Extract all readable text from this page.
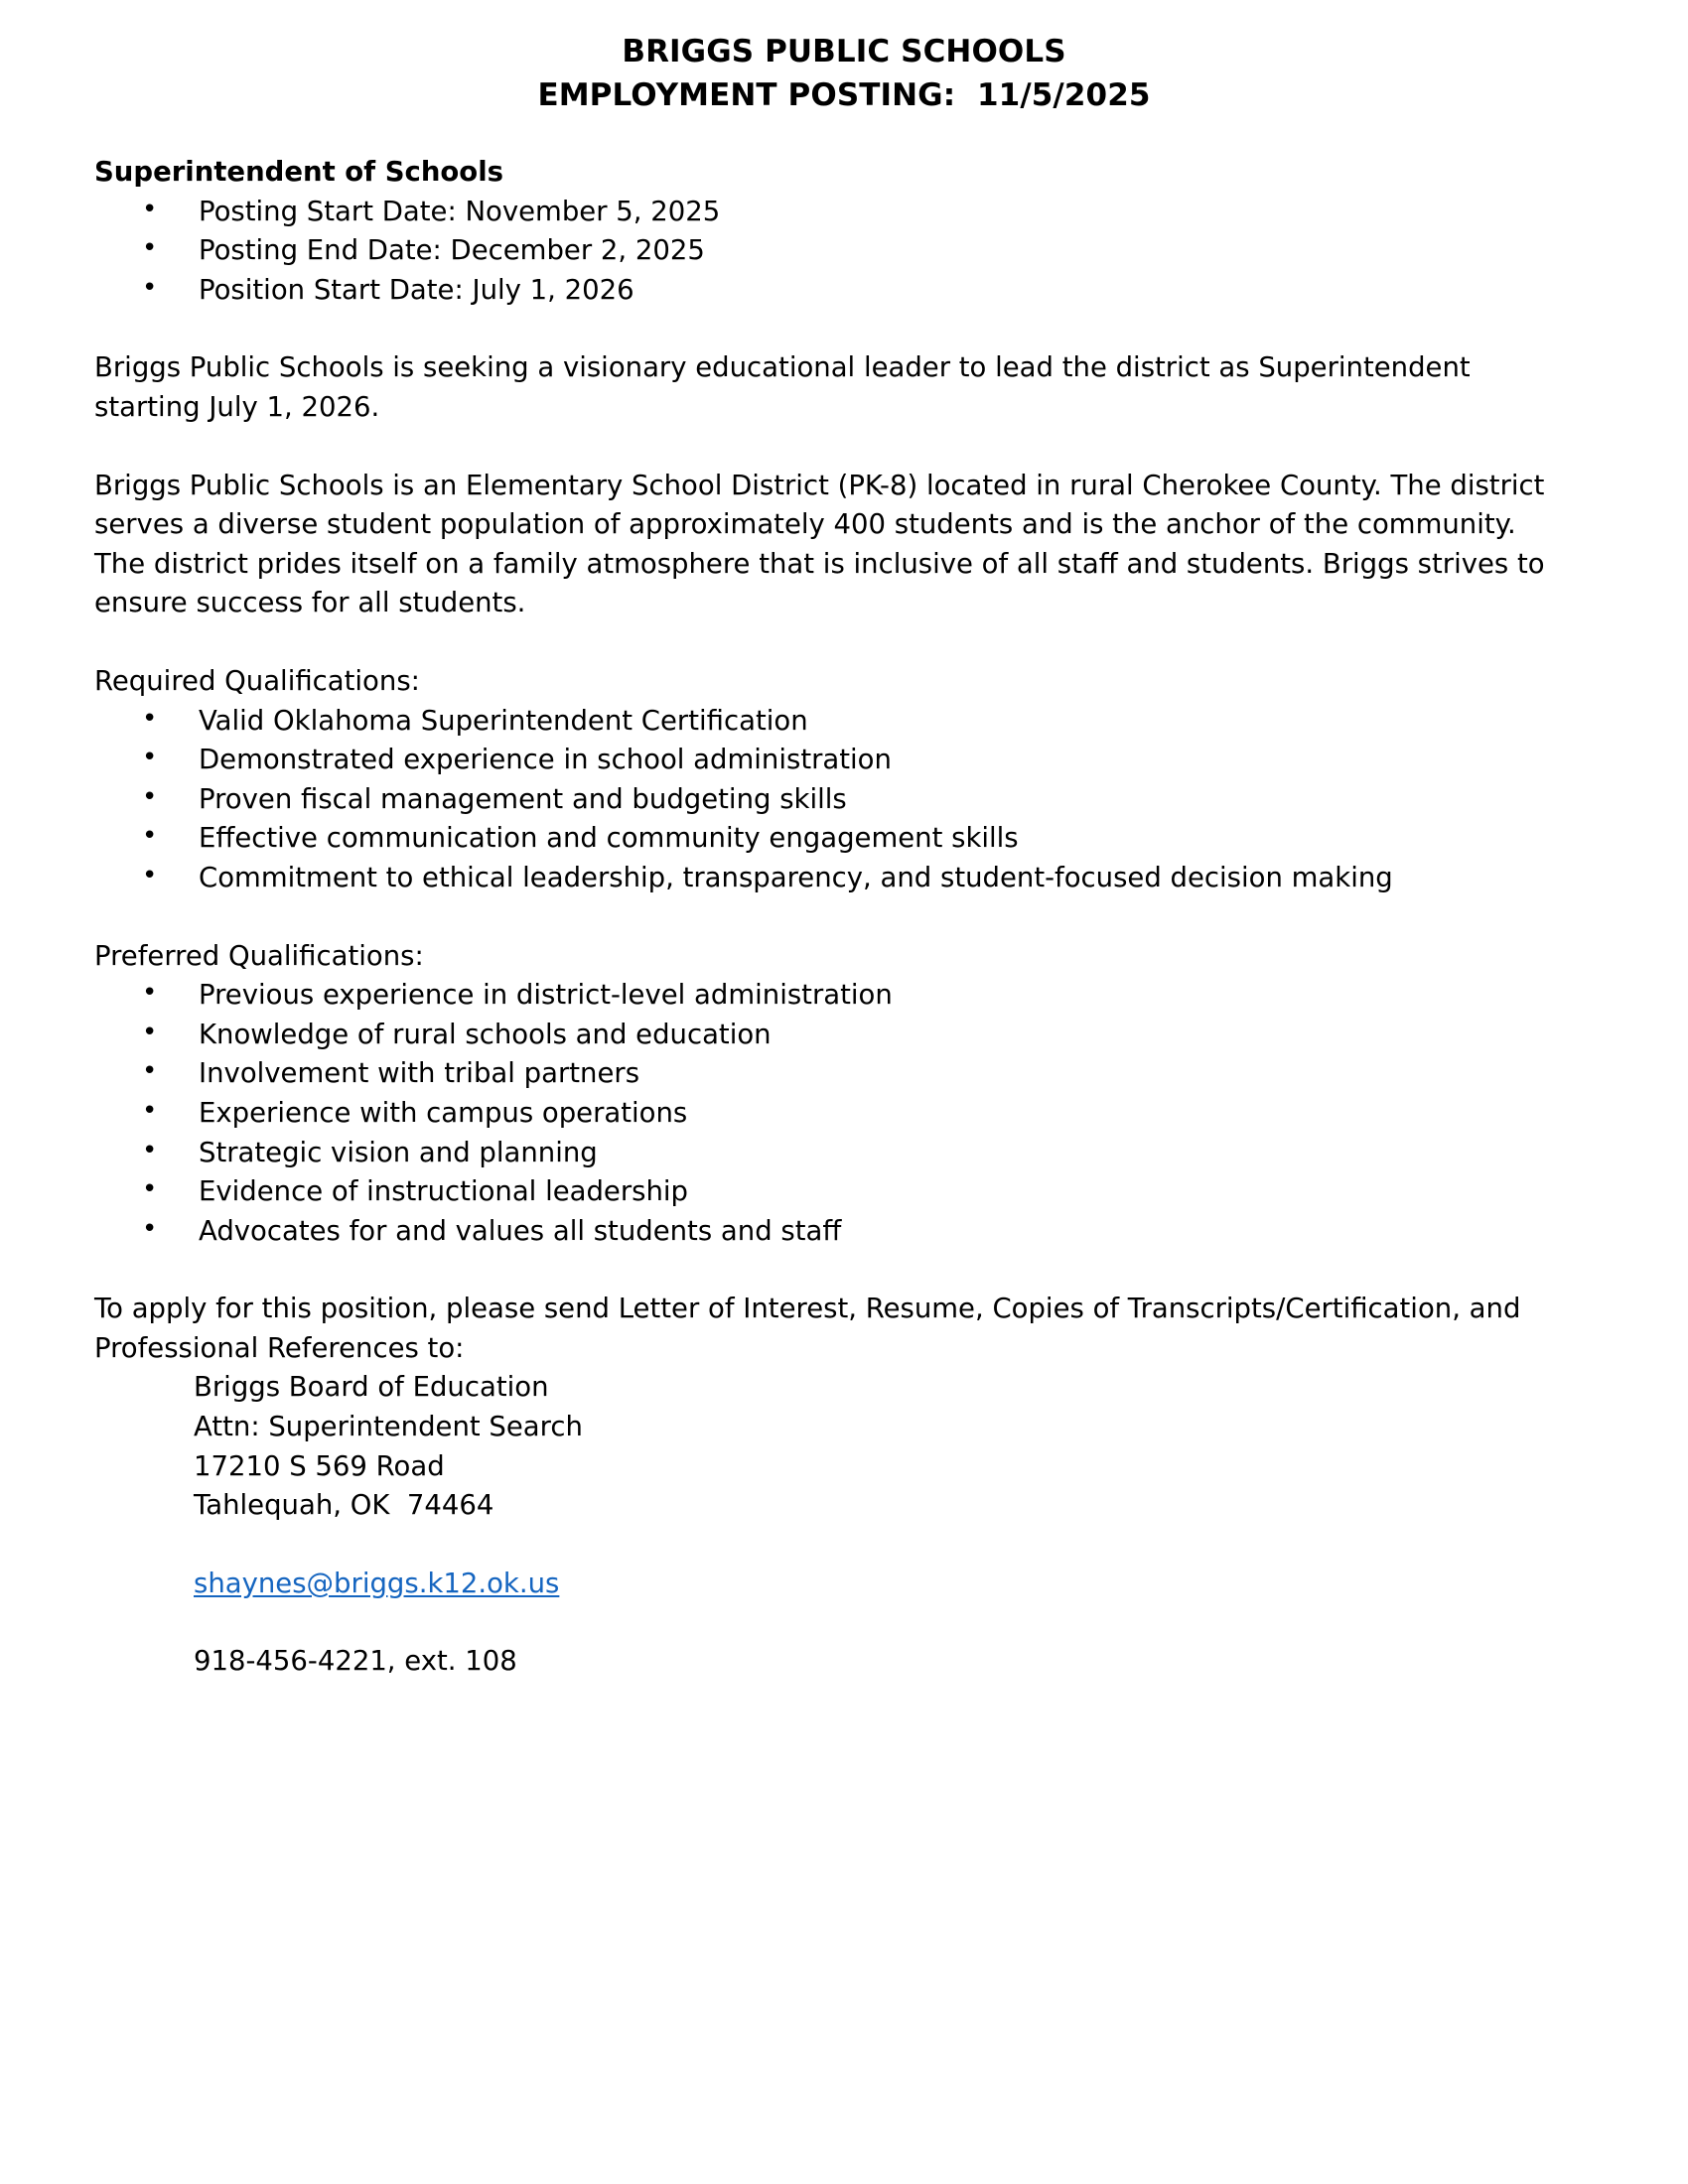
BRIGGS PUBLIC SCHOOLS
EMPLOYMENT POSTING:  11/5/2025
Superintendent of Schools
• Posting Start Date: November 5, 2025
• Posting End Date: December 2, 2025
• Position Start Date: July 1, 2026

Briggs Public Schools is seeking a visionary educational leader to lead the district as Superintendent starting July 1, 2026.

Briggs Public Schools is an Elementary School District (PK-8) located in rural Cherokee County. The district serves a diverse student population of approximately 400 students and is the anchor of the community. The district prides itself on a family atmosphere that is inclusive of all staff and students. Briggs strives to ensure success for all students.

Required Qualifications:
• Valid Oklahoma Superintendent Certification
• Demonstrated experience in school administration
• Proven fiscal management and budgeting skills
• Effective communication and community engagement skills
• Commitment to ethical leadership, transparency, and student-focused decision making
Preferred Qualifications:
• Previous experience in district-level administration
• Knowledge of rural schools and education
• Involvement with tribal partners
• Experience with campus operations
• Strategic vision and planning
• Evidence of instructional leadership
• Advocates for and values all students and staff

To apply for this position, please send Letter of Interest, Resume, Copies of Transcripts/Certification, and Professional References to:

Briggs Board of Education
Attn: Superintendent Search
17210 S 569 Road
Tahlequah, OK  74464
shaynes@briggs.k12.ok.us
918-456-4221, ext. 108
